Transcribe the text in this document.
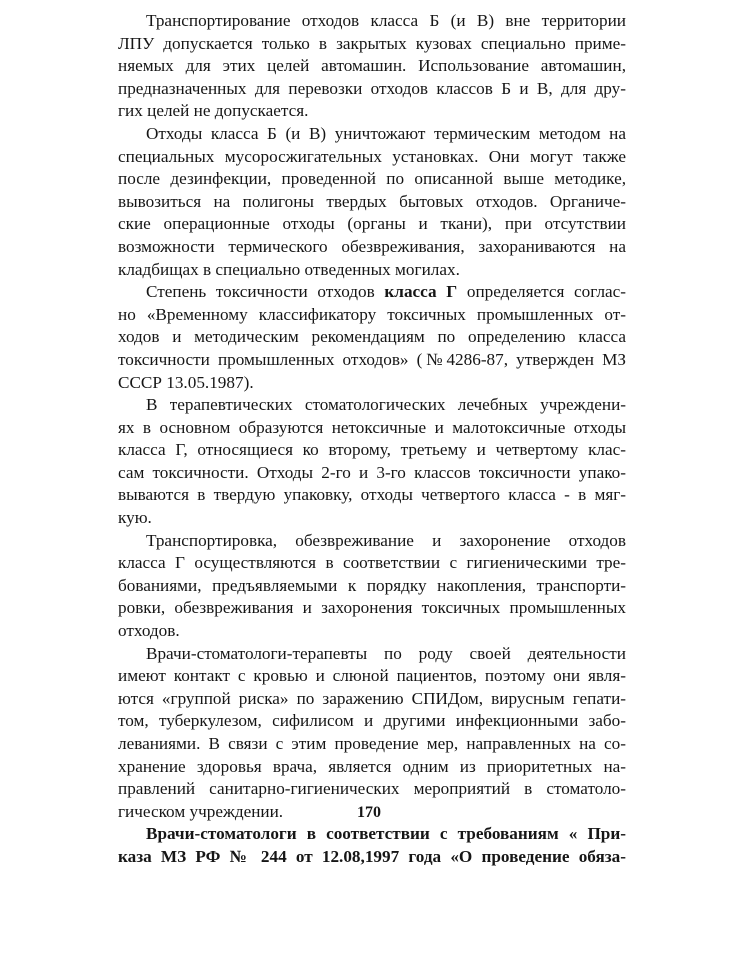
Транспортирование отходов класса Б (и В) вне территории
ЛПУ допускается только в закрытых кузовах специально приме-
няемых для этих целей автомашин. Использование автомашин,
предназначенных для перевозки отходов классов Б и В, для дру-
гих целей не допускается.

Отходы класса Б (и В) уничтожают термическим методом на
специальных мусоросжигательных установках. Они могут также
после дезинфекции, проведенной по описанной выше методике,
вывозиться на полигоны твердых бытовых отходов. Органиче-
ские операционные отходы (органы и ткани), при отсутствии
возможности термического обезвреживания, захораниваются на
кладбищах в специально отведенных могилах.

Степень токсичности отходов класса Г определяется соглас‑
но «Временному классификатору токсичных промышленных от-
ходов и методическим рекомендациям по определению класса
токсичности промышленных отходов» (№4286-87, утвержден МЗ
СССР 13.05.1987).

В терапевтических стоматологических лечебных учреждени-
ях в основном образуются нетоксичные и малотоксичные отходы
класса Г, относящиеся ко второму, третьему и четвертому клас-
сам токсичности. Отходы 2-го и 3-го классов токсичности упако-
вываются в твердую упаковку, отходы четвертого класса - в мяг-
кую.

Транспортировка, обезвреживание и захоронение отходов
класса Г осуществляются в соответствии с гигиеническими тре-
бованиями, предъявляемыми к порядку накопления, транспорти-
ровки, обезвреживания и захоронения токсичных промышленных
отходов.

Врачи-стоматологи-терапевты по роду своей деятельности
имеют контакт с кровью и слюной пациентов, поэтому они явля-
ются «группой риска» по заражению СПИДом, вирусным гепати-
том, туберкулезом, сифилисом и другими инфекционными забо-
леваниями. В связи с этим проведение мер, направленных на со-
хранение здоровья врача, является одним из приоритетных на-
правлений санитарно-гигиенических мероприятий в стоматоло-
гическом учреждении.

Врачи-стоматологи в соответствии с требованиям « При-
каза МЗ РФ № 244 от 12.08,1997 года «О проведение обяза-

170
